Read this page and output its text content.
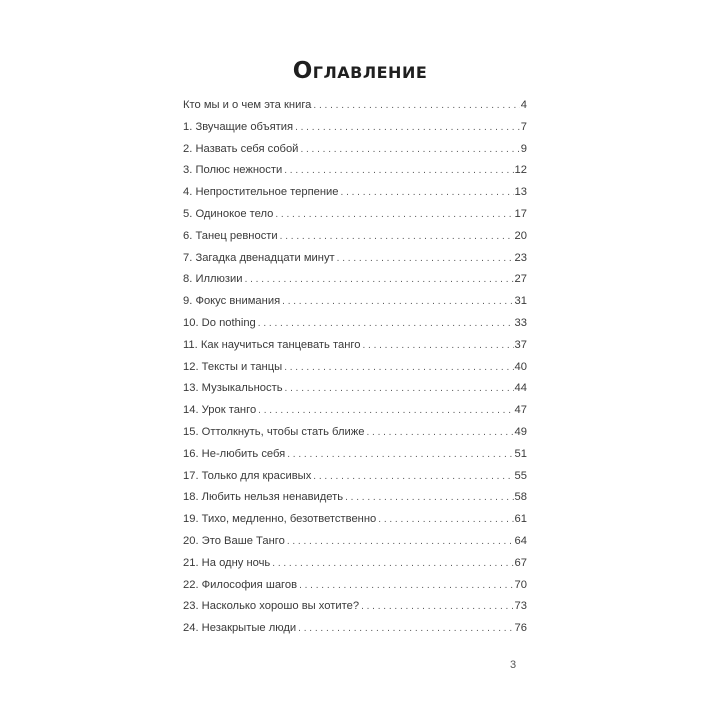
Оглавление
Кто мы и о чем эта книга . . .	4
1. Звучащие объятия . . .	7
2. Назвать себя собой . . .	9
3. Полюс нежности . . .	12
4. Непростительное терпение . . .	13
5. Одинокое тело . . .	17
6. Танец ревности . . .	20
7. Загадка двенадцати минут . . .	23
8. Иллюзии . . .	27
9. Фокус внимания . . .	31
10. Do nothing . . .	33
11. Как научиться танцевать танго . . .	37
12. Тексты и танцы . . .	40
13. Музыкальность . . .	44
14. Урок танго . . .	47
15. Оттолкнуть, чтобы стать ближе . . .	49
16. Не-любить себя . . .	51
17. Только для красивых . . .	55
18. Любить нельзя ненавидеть . . .	58
19. Тихо, медленно, безответственно . . .	61
20. Это Ваше Танго . . .	64
21. На одну ночь . . .	67
22. Философия шагов . . .	70
23. Насколько хорошо вы хотите? . . .	73
24. Незакрытые люди . . .	76
3
